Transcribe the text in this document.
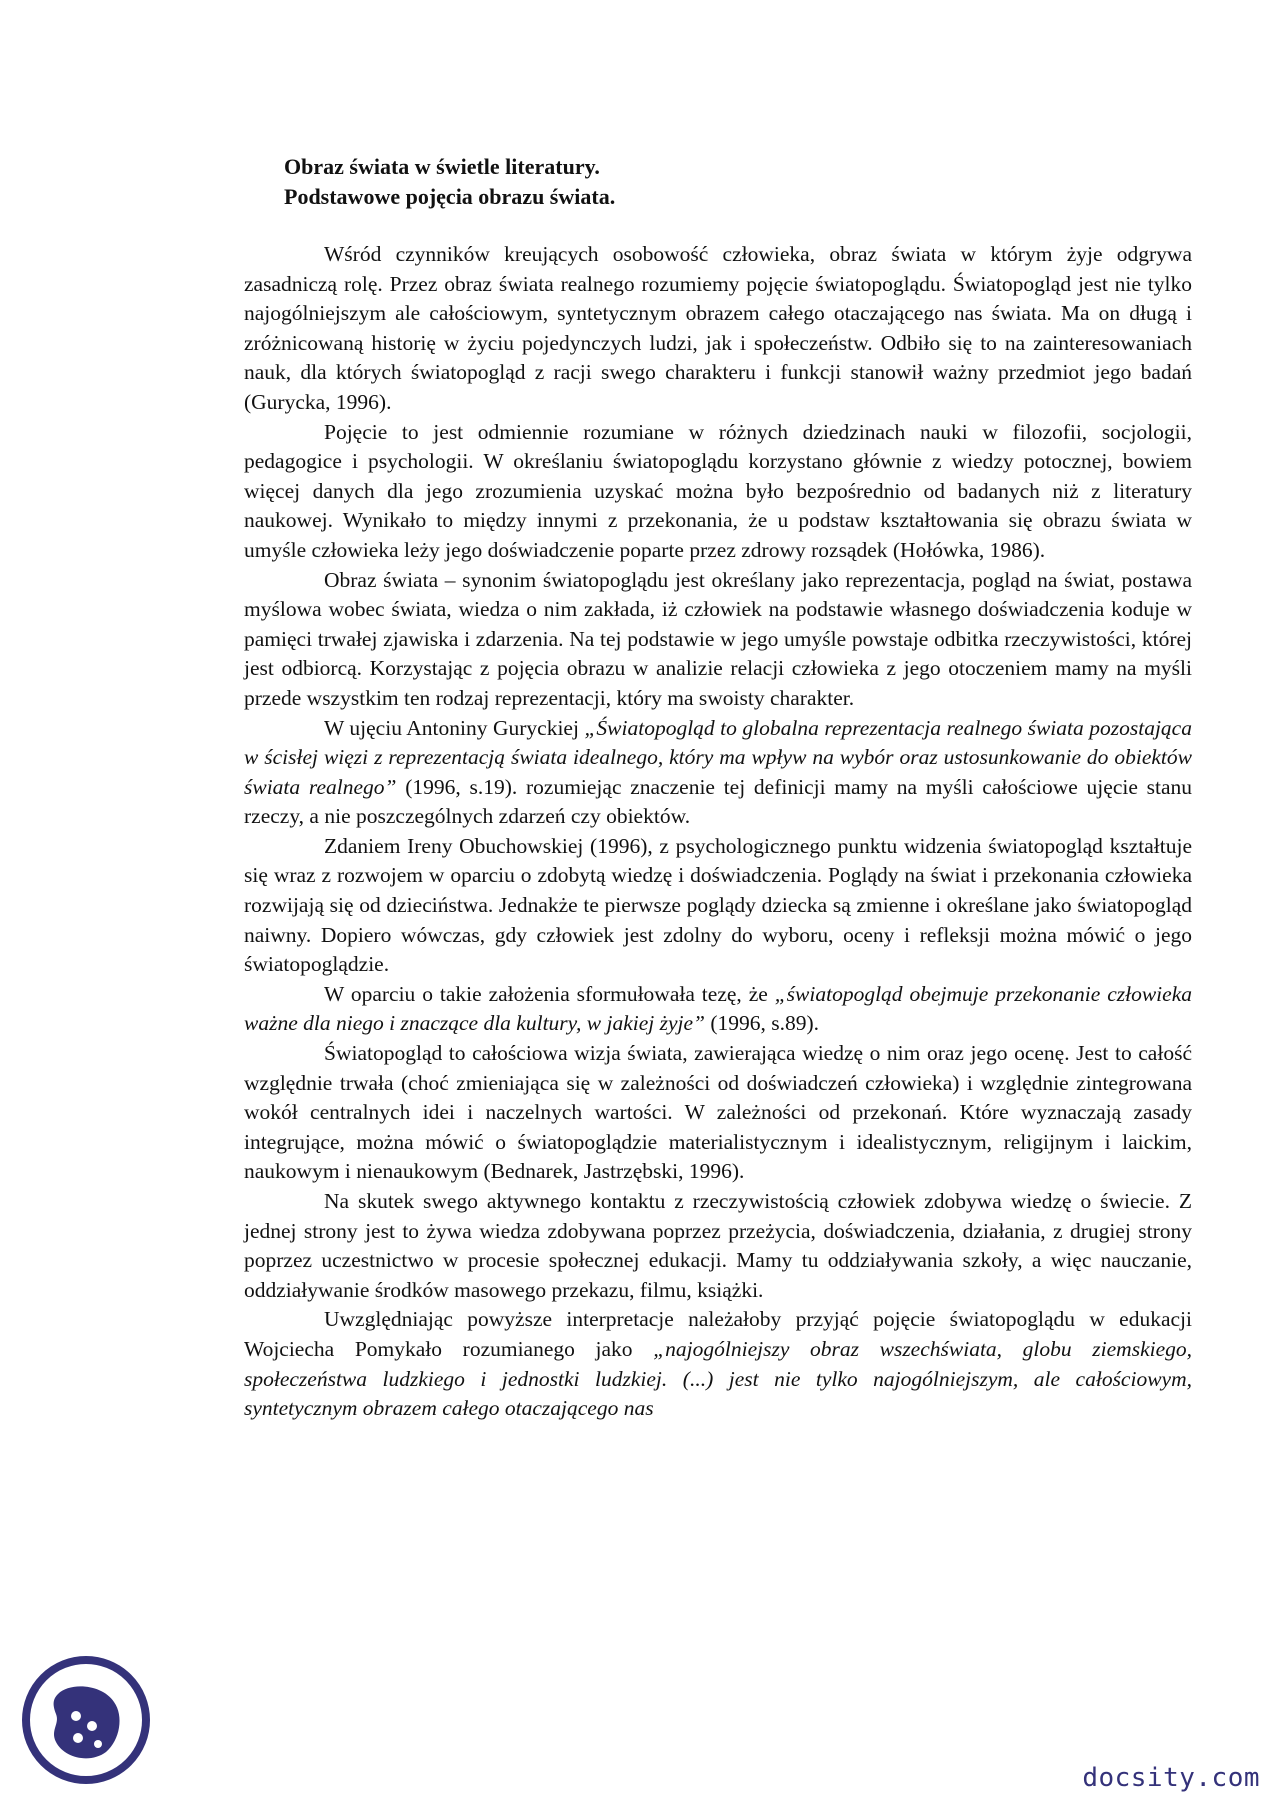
Obraz świata w świetle literatury.

Podstawowe pojęcia obrazu świata.

Wśród czynników kreujących osobowość człowieka, obraz świata w którym żyje odgrywa zasadniczą rolę. Przez obraz świata realnego rozumiemy pojęcie światopoglądu. Światopogląd jest nie tylko najogólniejszym ale całościowym, syntetycznym obrazem całego otaczającego nas świata. Ma on długą i zróżnicowaną historię w życiu pojedynczych ludzi, jak i społeczeństw. Odbiło się to na zainteresowaniach nauk, dla których światopogląd z racji swego charakteru i funkcji stanowił ważny przedmiot jego badań (Gurycka, 1996).

Pojęcie to jest odmiennie rozumiane w różnych dziedzinach nauki w filozofii, socjologii, pedagogice i psychologii. W określaniu światopoglądu korzystano głównie z wiedzy potocznej, bowiem więcej danych dla jego zrozumienia uzyskać można było bezpośrednio od badanych niż z literatury naukowej. Wynikało to między innymi z przekonania, że u podstaw kształtowania się obrazu świata w umyśle człowieka leży jego doświadczenie poparte przez zdrowy rozsądek (Hołówka, 1986).

Obraz świata – synonim światopoglądu jest określany jako reprezentacja, pogląd na świat, postawa myślowa wobec świata, wiedza o nim zakłada, iż człowiek na podstawie własnego doświadczenia koduje w pamięci trwałej zjawiska i zdarzenia. Na tej podstawie w jego umyśle powstaje odbitka rzeczywistości, której jest odbiorcą. Korzystając z pojęcia obrazu w analizie relacji człowieka z jego otoczeniem mamy na myśli przede wszystkim ten rodzaj reprezentacji, który ma swoisty charakter.

W ujęciu Antoniny Guryckiej „Światopogląd to globalna reprezentacja realnego świata pozostająca w ścisłej więzi z reprezentacją świata idealnego, który ma wpływ na wybór oraz ustosunkowanie do obiektów świata realnego” (1996, s.19). rozumiejąc znaczenie tej definicji mamy na myśli całościowe ujęcie stanu rzeczy, a nie poszczególnych zdarzeń czy obiektów.

Zdaniem Ireny Obuchowskiej (1996), z psychologicznego punktu widzenia światopogląd kształtuje się wraz z rozwojem w oparciu o zdobytą wiedzę i doświadczenia. Poglądy na świat i przekonania człowieka rozwijają się od dzieciństwa. Jednakże te pierwsze poglądy dziecka są zmienne i określane jako światopogląd naiwny. Dopiero wówczas, gdy człowiek jest zdolny do wyboru, oceny i refleksji można mówić o jego światopoglądzie.

W oparciu o takie założenia sformułowała tezę, że „światopogląd obejmuje przekonanie człowieka ważne dla niego i znaczące dla kultury, w jakiej żyje” (1996, s.89).

Światopogląd to całościowa wizja świata, zawierająca wiedzę o nim oraz jego ocenę. Jest to całość względnie trwała (choć zmieniająca się w zależności od doświadczeń człowieka) i względnie zintegrowana wokół centralnych idei i naczelnych wartości. W zależności od przekonań. Które wyznaczają zasady integrujące, można mówić o światopoglądzie materialistycznym i idealistycznym, religijnym i laickim, naukowym i nienaukowym (Bednarek, Jastrzębski, 1996).

Na skutek swego aktywnego kontaktu z rzeczywistością człowiek zdobywa wiedzę o świecie. Z jednej strony jest to żywa wiedza zdobywana poprzez przeżycia, doświadczenia, działania, z drugiej strony poprzez uczestnictwo w procesie społecznej edukacji. Mamy tu oddziaływania szkoły, a więc nauczanie, oddziaływanie środków masowego przekazu, filmu, książki.

Uwzględniając powyższe interpretacje należałoby przyjąć pojęcie światopoglądu w edukacji Wojciecha Pomykało rozumianego jako „najogólniejszy obraz wszechświata, globu ziemskiego, społeczeństwa ludzkiego i jednostki ludzkiej. (...) jest nie tylko najogólniejszym, ale całościowym, syntetycznym obrazem całego otaczającego nas

docsity.com
